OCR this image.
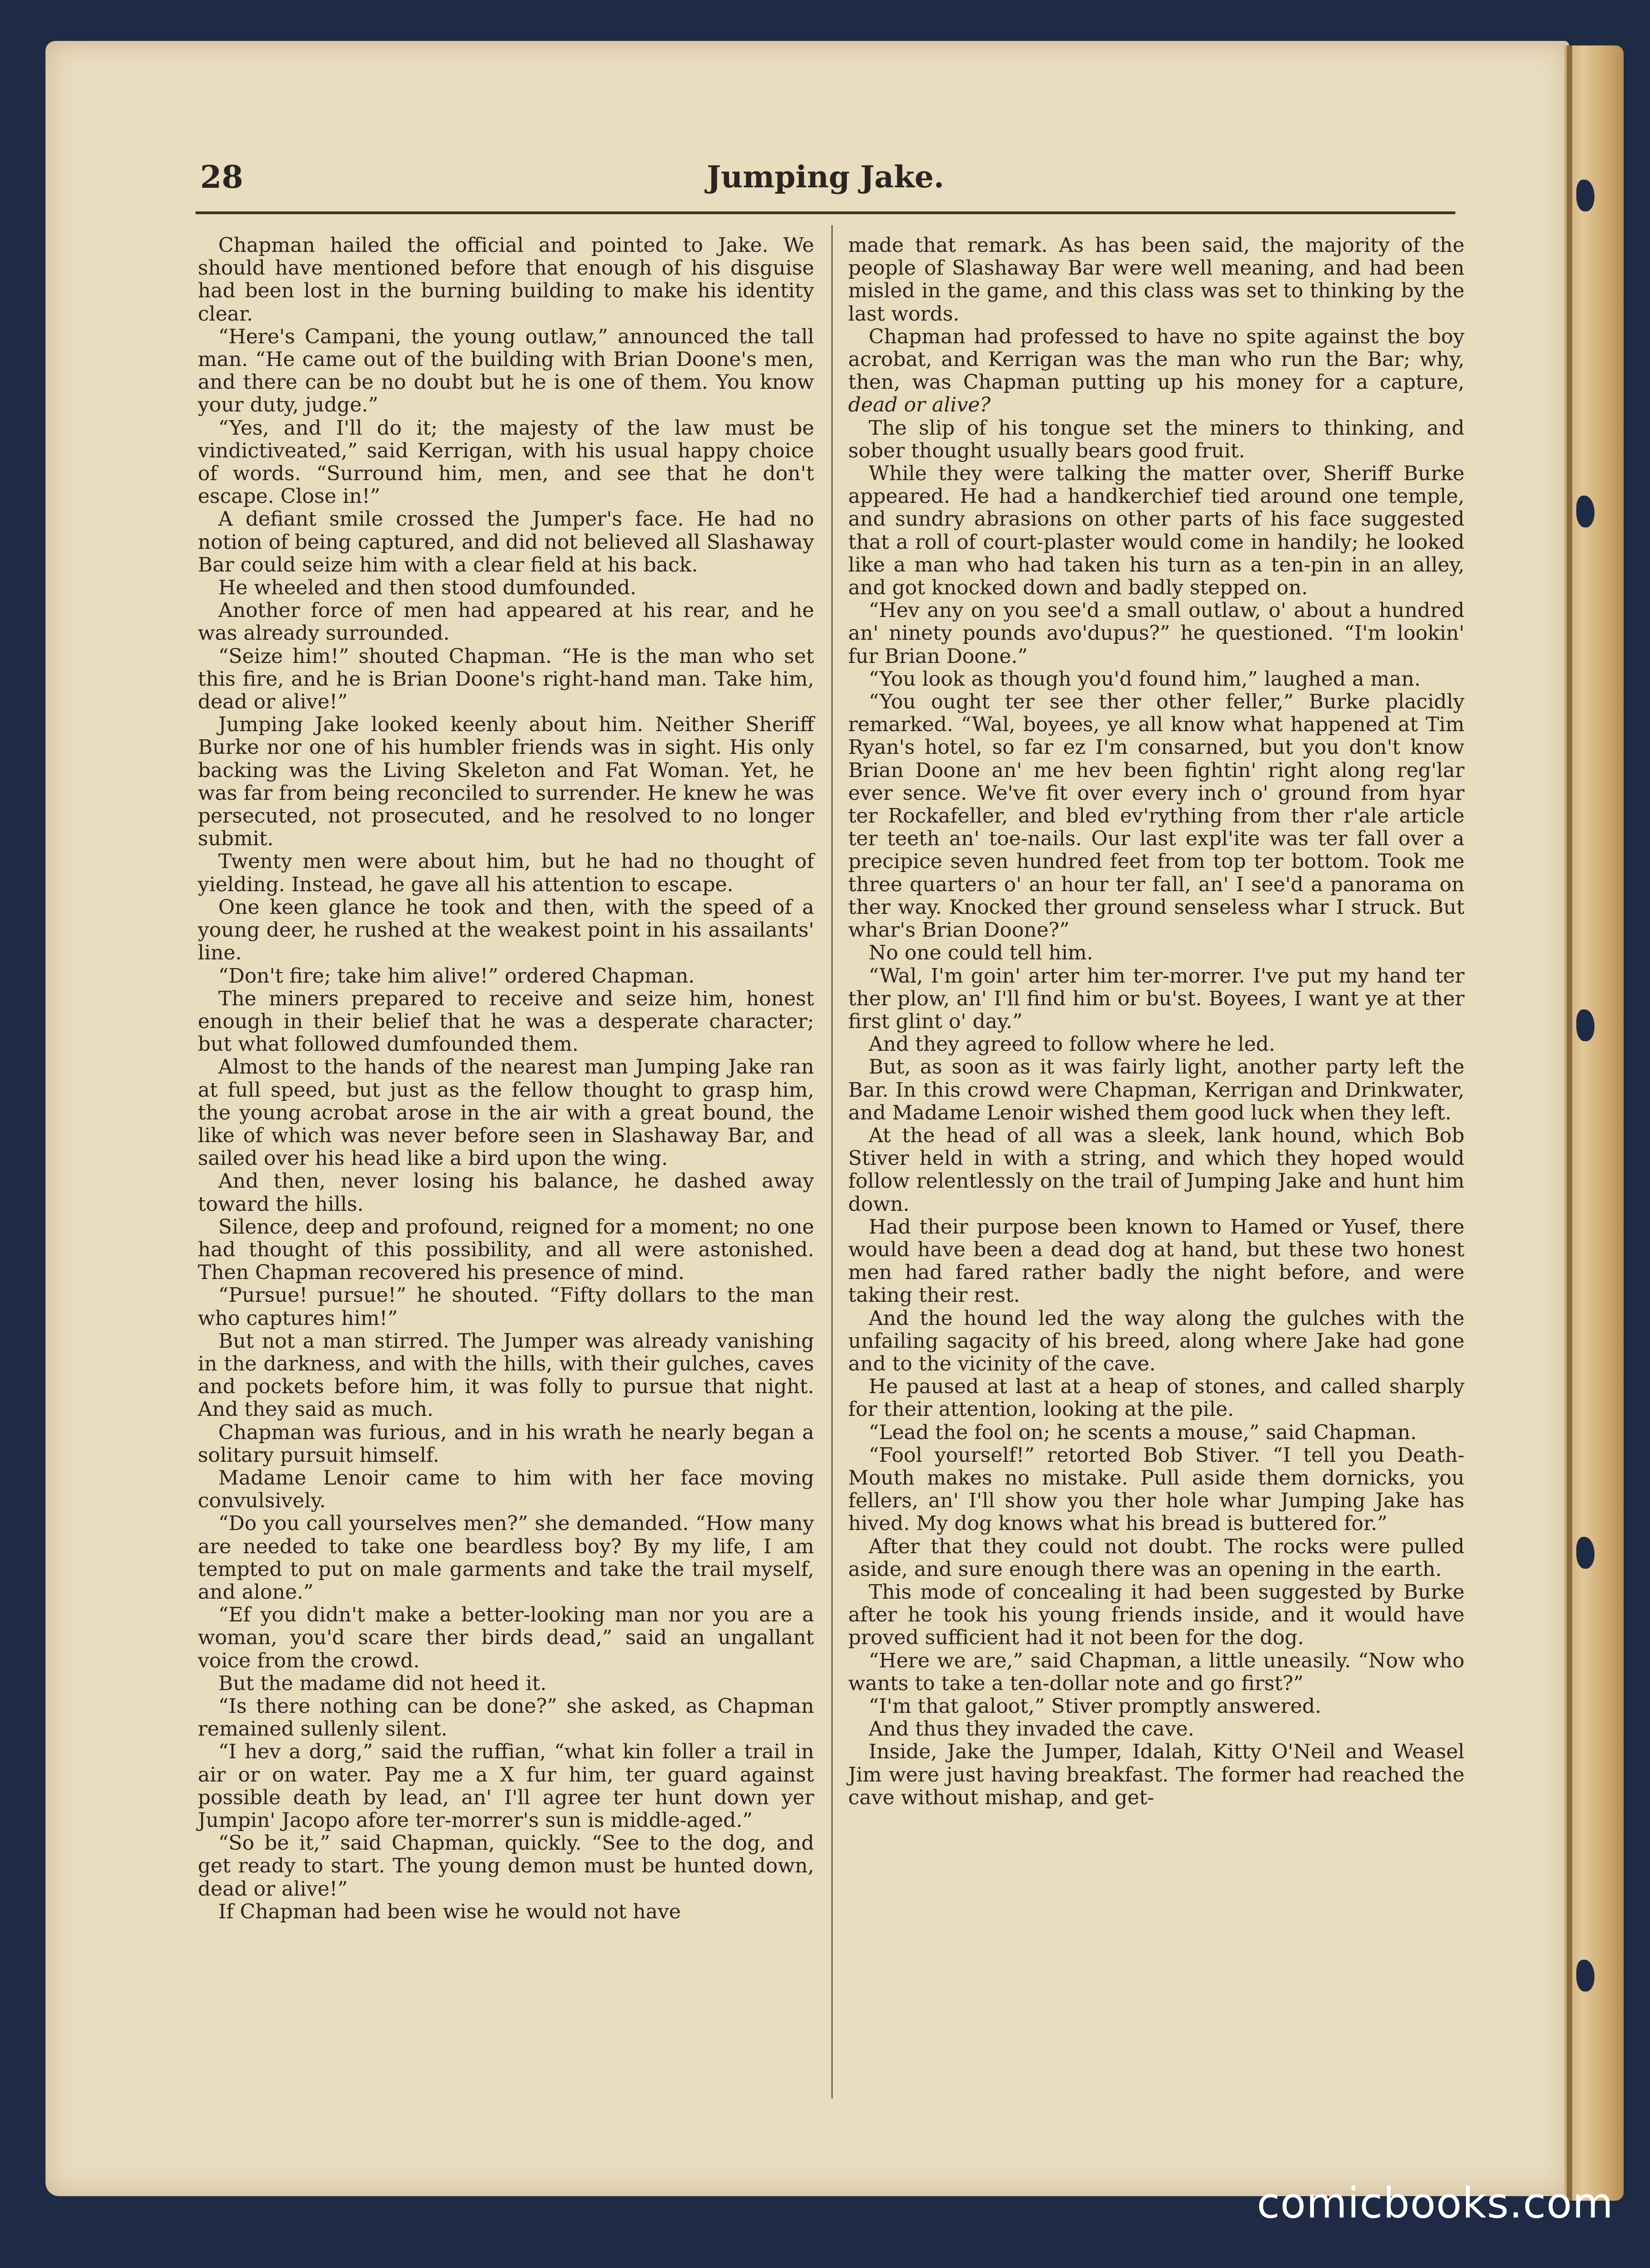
28	Jumping Jake.

Chapman hailed the official and pointed to Jake. We should have mentioned before that enough of his disguise had been lost in the burning building to make his identity clear.

“Here's Campani, the young outlaw,” announced the tall man. “He came out of the building with Brian Doone's men, and there can be no doubt but he is one of them. You know your duty, judge.”

“Yes, and I'll do it; the majesty of the law must be vindictiveated,” said Kerrigan, with his usual happy choice of words. “Surround him, men, and see that he don't escape. Close in!”

A defiant smile crossed the Jumper's face. He had no notion of being captured, and did not believed all Slashaway Bar could seize him with a clear field at his back.

He wheeled and then stood dumfounded.

Another force of men had appeared at his rear, and he was already surrounded.

“Seize him!” shouted Chapman. “He is the man who set this fire, and he is Brian Doone's right-hand man. Take him, dead or alive!”

Jumping Jake looked keenly about him. Neither Sheriff Burke nor one of his humbler friends was in sight. His only backing was the Living Skeleton and Fat Woman. Yet, he was far from being reconciled to surrender. He knew he was persecuted, not prosecuted, and he resolved to no longer submit.

Twenty men were about him, but he had no thought of yielding. Instead, he gave all his attention to escape.

One keen glance he took and then, with the speed of a young deer, he rushed at the weakest point in his assailants' line.

“Don't fire; take him alive!” ordered Chapman.

The miners prepared to receive and seize him, honest enough in their belief that he was a desperate character; but what followed dumfounded them.

Almost to the hands of the nearest man Jumping Jake ran at full speed, but just as the fellow thought to grasp him, the young acrobat arose in the air with a great bound, the like of which was never before seen in Slashaway Bar, and sailed over his head like a bird upon the wing.

And then, never losing his balance, he dashed away toward the hills.

Silence, deep and profound, reigned for a moment; no one had thought of this possibility, and all were astonished. Then Chapman recovered his presence of mind.

“Pursue! pursue!” he shouted. “Fifty dollars to the man who captures him!”

But not a man stirred. The Jumper was already vanishing in the darkness, and with the hills, with their gulches, caves and pockets before him, it was folly to pursue that night. And they said as much.

Chapman was furious, and in his wrath he nearly began a solitary pursuit himself.

Madame Lenoir came to him with her face moving convulsively.

“Do you call yourselves men?” she demanded. “How many are needed to take one beardless boy? By my life, I am tempted to put on male garments and take the trail myself, and alone.”

“Ef you didn't make a better-looking man nor you are a woman, you'd scare ther birds dead,” said an ungallant voice from the crowd.

But the madame did not heed it.

“Is there nothing can be done?” she asked, as Chapman remained sullenly silent.

“I hev a dorg,” said the ruffian, “what kin foller a trail in air or on water. Pay me a X fur him, ter guard against possible death by lead, an' I'll agree ter hunt down yer Jumpin' Jacopo afore ter-morrer's sun is middle-aged.”

“So be it,” said Chapman, quickly. “See to the dog, and get ready to start. The young demon must be hunted down, dead or alive!”

If Chapman had been wise he would not have

made that remark. As has been said, the majority of the people of Slashaway Bar were well meaning, and had been misled in the game, and this class was set to thinking by the last words.

Chapman had professed to have no spite against the boy acrobat, and Kerrigan was the man who run the Bar; why, then, was Chapman putting up his money for a capture, dead or alive?

The slip of his tongue set the miners to thinking, and sober thought usually bears good fruit.

While they were talking the matter over, Sheriff Burke appeared. He had a handkerchief tied around one temple, and sundry abrasions on other parts of his face suggested that a roll of court-plaster would come in handily; he looked like a man who had taken his turn as a ten-pin in an alley, and got knocked down and badly stepped on.

“Hev any on you see'd a small outlaw, o' about a hundred an' ninety pounds avo'dupus?” he questioned. “I'm lookin' fur Brian Doone.”

“You look as though you'd found him,” laughed a man.

“You ought ter see ther other feller,” Burke placidly remarked. “Wal, boyees, ye all know what happened at Tim Ryan's hotel, so far ez I'm consarned, but you don't know Brian Doone an' me hev been fightin' right along reg'lar ever sence. We've fit over every inch o' ground from hyar ter Rockafeller, and bled ev'rything from ther r'ale article ter teeth an' toe-nails. Our last expl'ite was ter fall over a precipice seven hundred feet from top ter bottom. Took me three quarters o' an hour ter fall, an' I see'd a panorama on ther way. Knocked ther ground senseless whar I struck. But whar's Brian Doone?”

No one could tell him.

“Wal, I'm goin' arter him ter-morrer. I've put my hand ter ther plow, an' I'll find him or bu'st. Boyees, I want ye at ther first glint o' day.”

And they agreed to follow where he led.

But, as soon as it was fairly light, another party left the Bar. In this crowd were Chapman, Kerrigan and Drinkwater, and Madame Lenoir wished them good luck when they left.

At the head of all was a sleek, lank hound, which Bob Stiver held in with a string, and which they hoped would follow relentlessly on the trail of Jumping Jake and hunt him down.

Had their purpose been known to Hamed or Yusef, there would have been a dead dog at hand, but these two honest men had fared rather badly the night before, and were taking their rest.

And the hound led the way along the gulches with the unfailing sagacity of his breed, along where Jake had gone and to the vicinity of the cave.

He paused at last at a heap of stones, and called sharply for their attention, looking at the pile.

“Lead the fool on; he scents a mouse,” said Chapman.

“Fool yourself!” retorted Bob Stiver. “I tell you Death-Mouth makes no mistake. Pull aside them dornicks, you fellers, an' I'll show you ther hole whar Jumping Jake has hived. My dog knows what his bread is buttered for.”

After that they could not doubt. The rocks were pulled aside, and sure enough there was an opening in the earth.

This mode of concealing it had been suggested by Burke after he took his young friends inside, and it would have proved sufficient had it not been for the dog.

“Here we are,” said Chapman, a little uneasily. “Now who wants to take a ten-dollar note and go first?”

“I'm that galoot,” Stiver promptly answered.

And thus they invaded the cave.

Inside, Jake the Jumper, Idalah, Kitty O'Neil and Weasel Jim were just having breakfast. The former had reached the cave without mishap, and get-

comicbooks.com
